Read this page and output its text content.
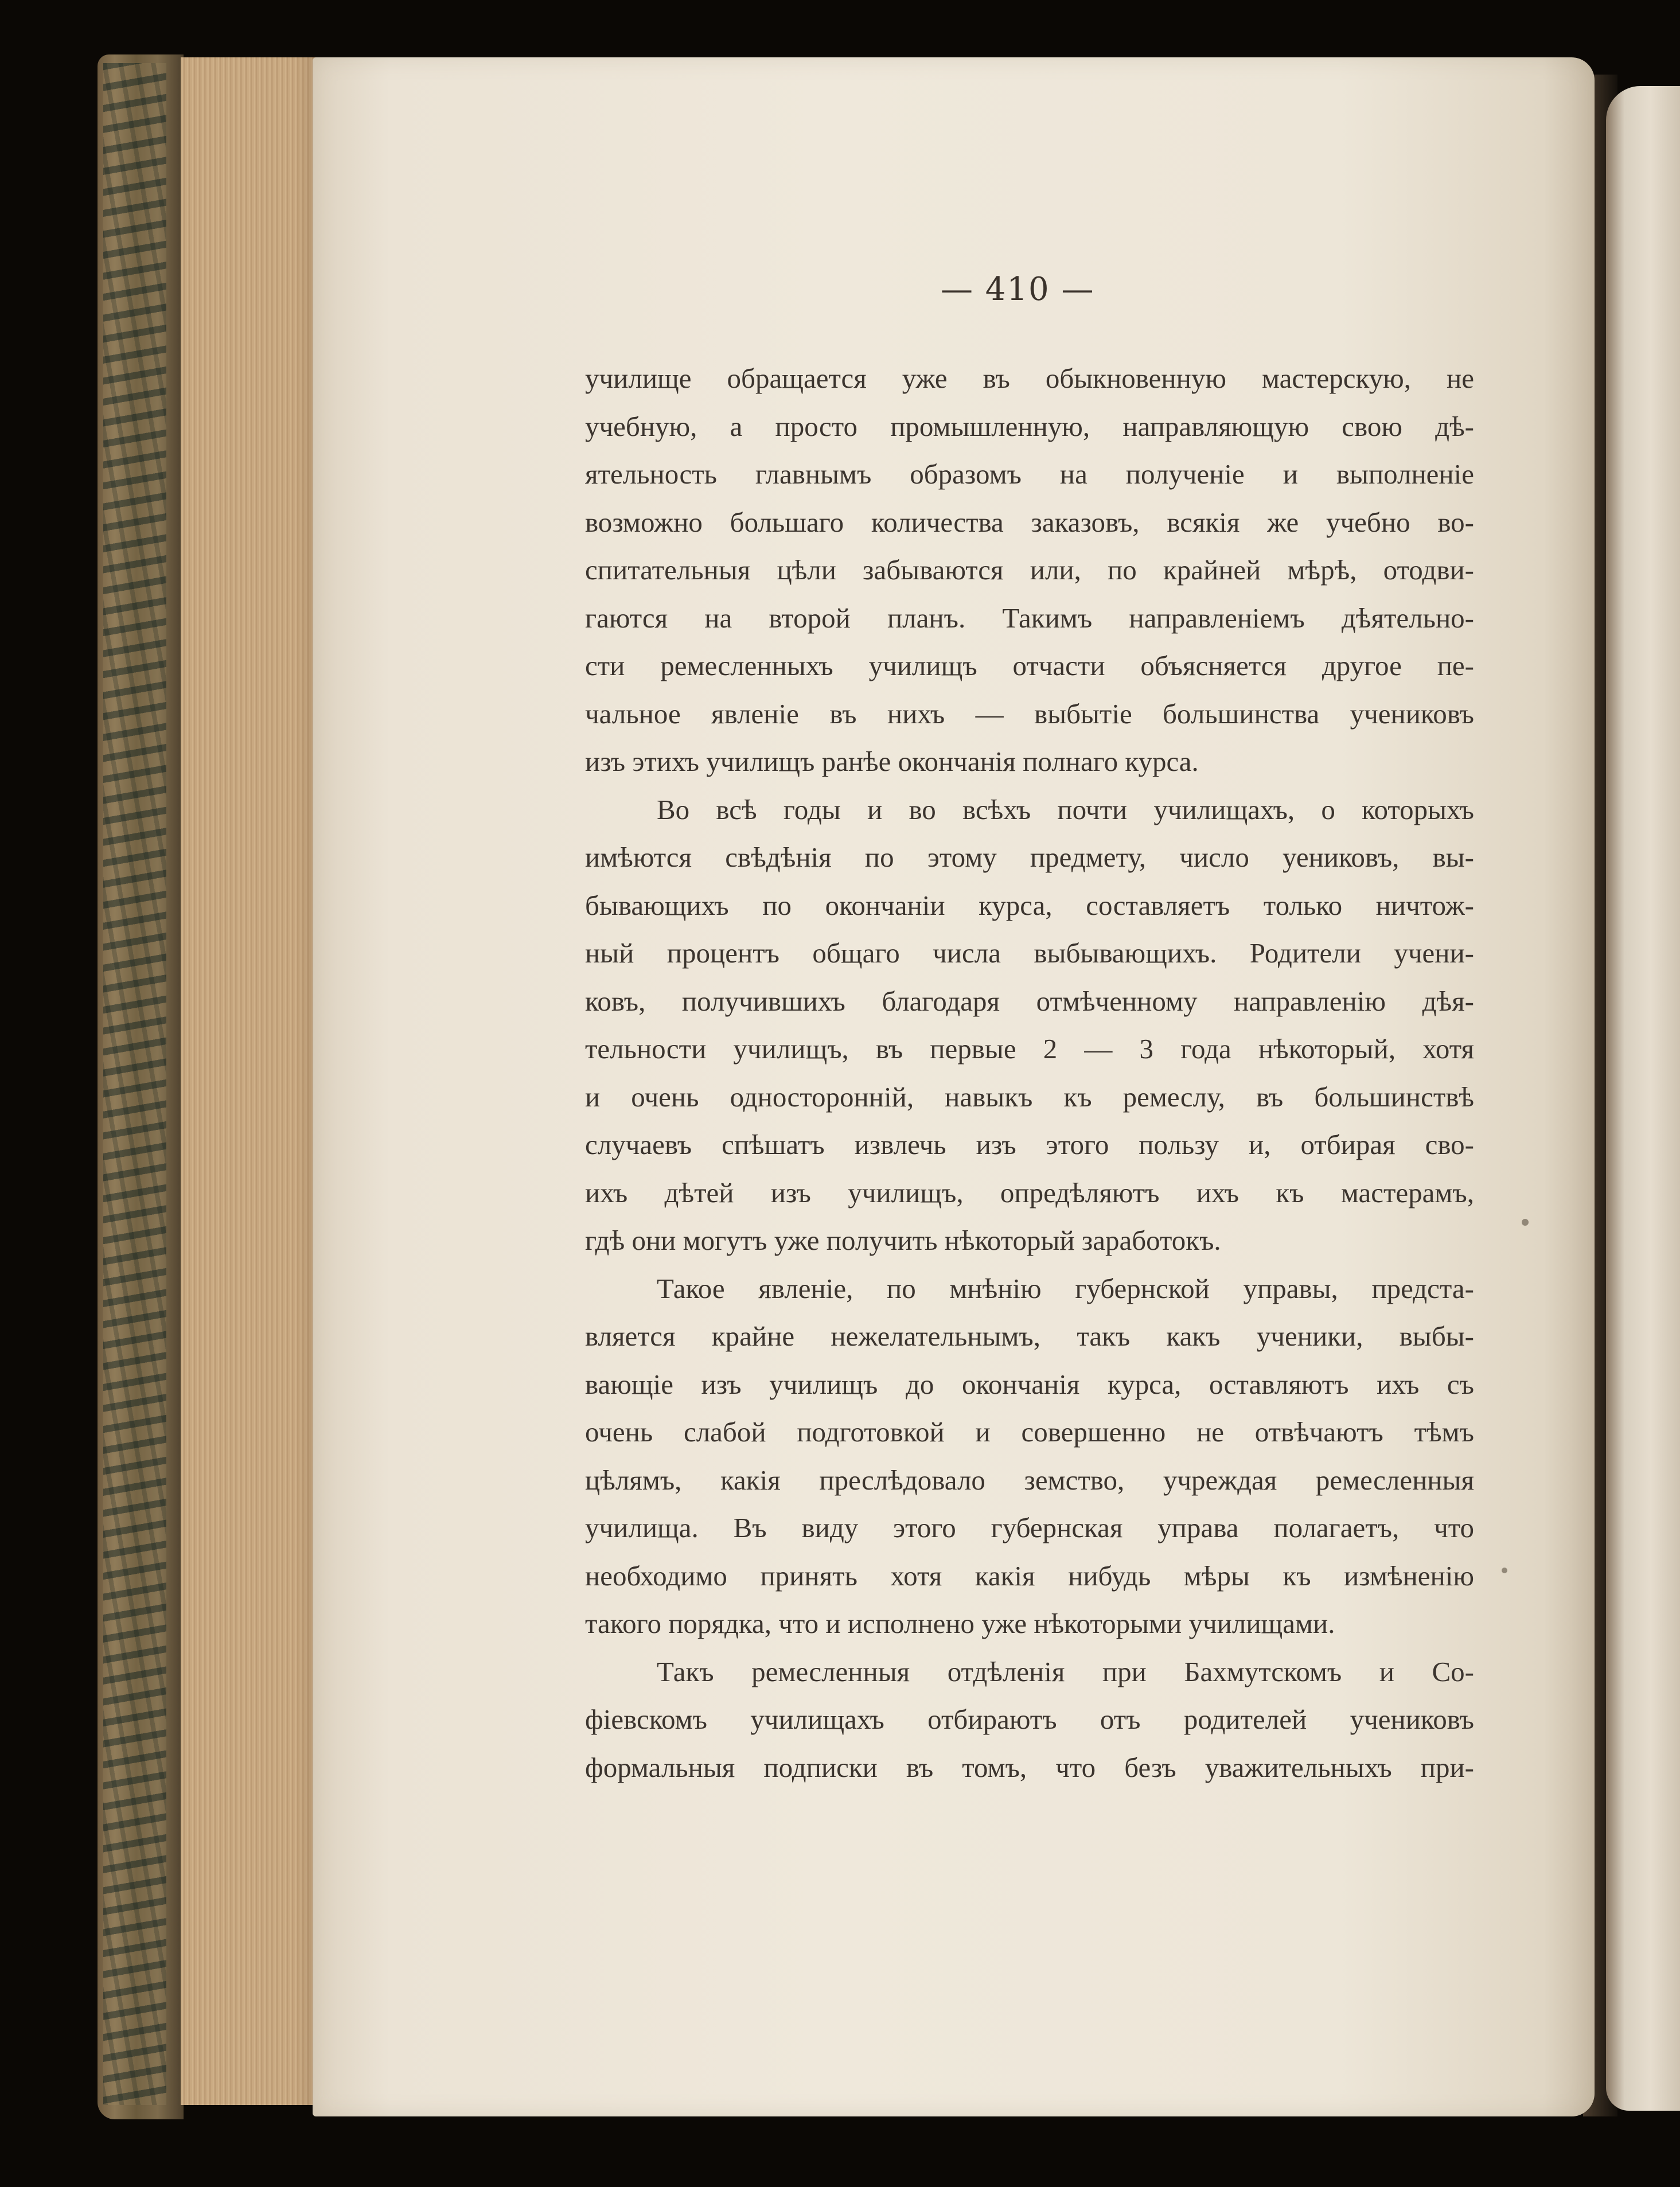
— 410 —
училище обращается уже въ обыкновенную мастерскую, не
учебную, а просто промышленную, направляющую свою дѣ-
ятельность главнымъ образомъ на полученіе и выполненіе
возможно большаго количества заказовъ, всякія же учебно во-
спитательныя цѣли забываются или, по крайней мѣрѣ, отодви-
гаются на второй планъ. Такимъ направленіемъ дѣятельно-
сти ремесленныхъ училищъ отчасти объясняется другое пе-
чальное явленіе въ нихъ — выбытіе большинства учениковъ
изъ этихъ училищъ ранѣе окончанія полнаго курса.
Во всѣ годы и во всѣхъ почти училищахъ, о которыхъ
имѣются свѣдѣнія по этому предмету, число уениковъ, вы-
бывающихъ по окончаніи курса, составляетъ только ничтож-
ный процентъ общаго числа выбывающихъ. Родители учени-
ковъ, получившихъ благодаря отмѣченному направленію дѣя-
тельности училищъ, въ первые 2 — 3 года нѣкоторый, хотя
и очень односторонній, навыкъ къ ремеслу, въ большинствѣ
случаевъ спѣшатъ извлечь изъ этого пользу и, отбирая сво-
ихъ дѣтей изъ училищъ, опредѣляютъ ихъ къ мастерамъ,
гдѣ они могутъ уже получить нѣкоторый заработокъ.
Такое явленіе, по мнѣнію губернской управы, предста-
вляется крайне нежелательнымъ, такъ какъ ученики, выбы-
вающіе изъ училищъ до окончанія курса, оставляютъ ихъ съ
очень слабой подготовкой и совершенно не отвѣчаютъ тѣмъ
цѣлямъ, какія преслѣдовало земство, учреждая ремесленныя
училища. Въ виду этого губернская управа полагаетъ, что
необходимо принять хотя какія нибудь мѣры къ измѣненію
такого порядка, что и исполнено уже нѣкоторыми училищами.
Такъ ремесленныя отдѣленія при Бахмутскомъ и Со-
фіевскомъ училищахъ отбираютъ отъ родителей учениковъ
формальныя подписки въ томъ, что безъ уважительныхъ при-
